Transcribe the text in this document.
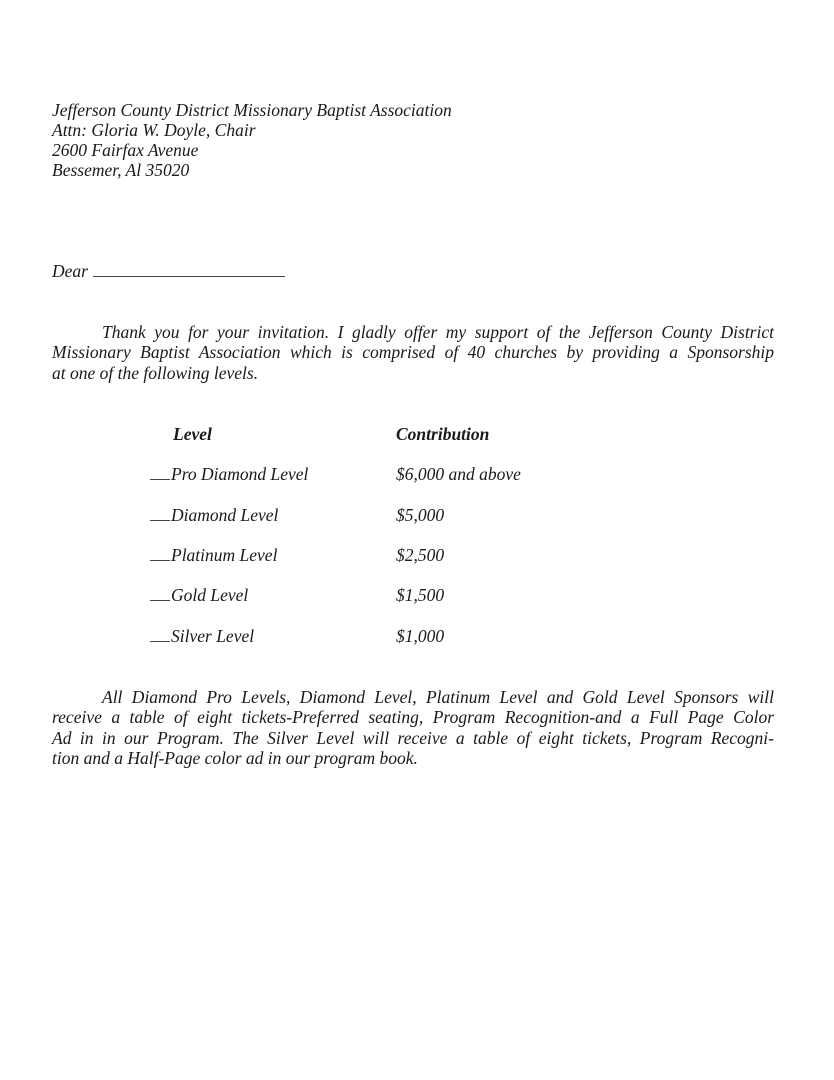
Jefferson County District Missionary Baptist Association
Attn: Gloria W. Doyle, Chair
2600 Fairfax Avenue
Bessemer, Al 35020
Dear
Thank you for your invitation. I gladly offer my support of the Jefferson County District
Missionary Baptist Association which is comprised of 40 churches by providing a Sponsorship
at one of the following levels.
Level	Contribution
Pro Diamond Level	$6,000 and above
Diamond Level	$5,000
Platinum Level	$2,500
Gold Level	$1,500
Silver Level	$1,000
All Diamond Pro Levels, Diamond Level, Platinum Level and Gold Level Sponsors will
receive a table of eight tickets-Preferred seating, Program Recognition-and a Full Page Color
Ad in in our Program. The Silver Level will receive a table of eight tickets, Program Recogni-
tion and a Half-Page color ad in our program book.
